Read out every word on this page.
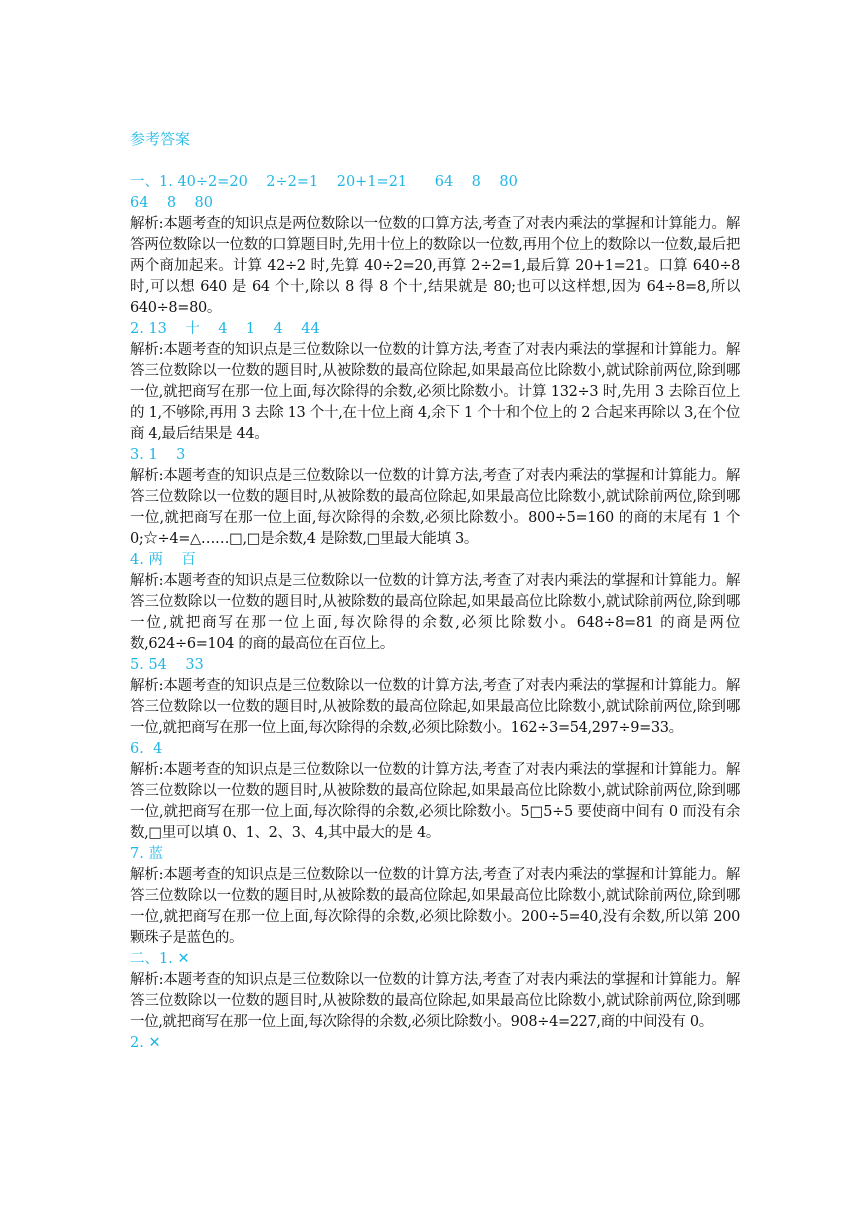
参考答案
一、1. 40÷2=20    2÷2=1    20+1=21      64    8    80
64    8    80
解析:本题考查的知识点是两位数除以一位数的口算方法,考查了对表内乘法的掌握和计算能力。解答两位数除以一位数的口算题目时,先用十位上的数除以一位数,再用个位上的数除以一位数,最后把两个商加起来。计算 42÷2 时,先算 40÷2=20,再算 2÷2=1,最后算 20+1=21。口算 640÷8 时,可以想 640 是 64 个十,除以 8 得 8 个十,结果就是 80;也可以这样想,因为 64÷8=8,所以 640÷8=80。
2. 13    十    4    1    4    44
解析:本题考查的知识点是三位数除以一位数的计算方法,考查了对表内乘法的掌握和计算能力。解答三位数除以一位数的题目时,从被除数的最高位除起,如果最高位比除数小,就试除前两位,除到哪一位,就把商写在那一位上面,每次除得的余数,必须比除数小。计算 132÷3 时,先用 3 去除百位上的 1,不够除,再用 3 去除 13 个十,在十位上商 4,余下 1 个十和个位上的 2 合起来再除以 3,在个位商 4,最后结果是 44。
3. 1    3
解析:本题考查的知识点是三位数除以一位数的计算方法,考查了对表内乘法的掌握和计算能力。解答三位数除以一位数的题目时,从被除数的最高位除起,如果最高位比除数小,就试除前两位,除到哪一位,就把商写在那一位上面,每次除得的余数,必须比除数小。800÷5=160 的商的末尾有 1 个 0;☆÷4=△……□,□是余数,4 是除数,□里最大能填 3。
4. 两    百
解析:本题考查的知识点是三位数除以一位数的计算方法,考查了对表内乘法的掌握和计算能力。解答三位数除以一位数的题目时,从被除数的最高位除起,如果最高位比除数小,就试除前两位,除到哪一位,就把商写在那一位上面,每次除得的余数,必须比除数小。648÷8=81 的商是两位数,624÷6=104 的商的最高位在百位上。
5. 54    33
解析:本题考查的知识点是三位数除以一位数的计算方法,考查了对表内乘法的掌握和计算能力。解答三位数除以一位数的题目时,从被除数的最高位除起,如果最高位比除数小,就试除前两位,除到哪一位,就把商写在那一位上面,每次除得的余数,必须比除数小。162÷3=54,297÷9=33。
6.  4
解析:本题考查的知识点是三位数除以一位数的计算方法,考查了对表内乘法的掌握和计算能力。解答三位数除以一位数的题目时,从被除数的最高位除起,如果最高位比除数小,就试除前两位,除到哪一位,就把商写在那一位上面,每次除得的余数,必须比除数小。5□5÷5 要使商中间有 0 而没有余数,□里可以填 0、1、2、3、4,其中最大的是 4。
7. 蓝
解析:本题考查的知识点是三位数除以一位数的计算方法,考查了对表内乘法的掌握和计算能力。解答三位数除以一位数的题目时,从被除数的最高位除起,如果最高位比除数小,就试除前两位,除到哪一位,就把商写在那一位上面,每次除得的余数,必须比除数小。200÷5=40,没有余数,所以第 200 颗珠子是蓝色的。
二、1. ✕
解析:本题考查的知识点是三位数除以一位数的计算方法,考查了对表内乘法的掌握和计算能力。解答三位数除以一位数的题目时,从被除数的最高位除起,如果最高位比除数小,就试除前两位,除到哪一位,就把商写在那一位上面,每次除得的余数,必须比除数小。908÷4=227,商的中间没有 0。
2. ✕
